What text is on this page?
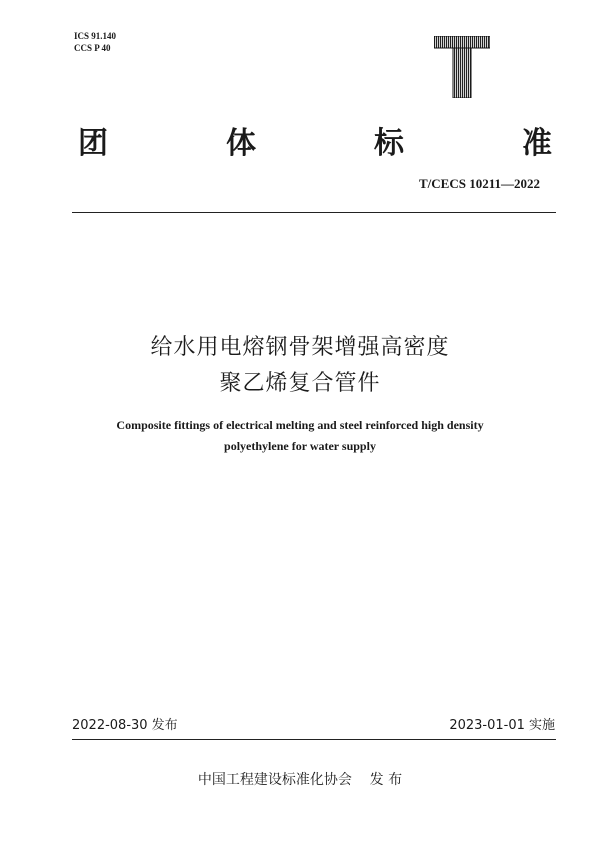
ICS 91.140
CCS P 40
团	体	标	准
T/CECS 10211—2022
给水用电熔钢骨架增强高密度
聚乙烯复合管件
Composite fittings of electrical melting and steel reinforced high density
polyethylene for water supply
2022-08-30 发布	2023-01-01 实施
中国工程建设标准化协会    发 布
